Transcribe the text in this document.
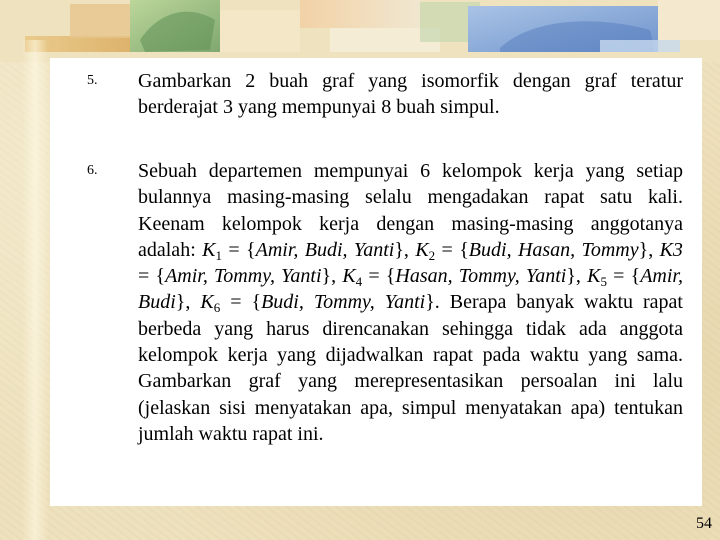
5. Gambarkan 2 buah graf yang isomorfik dengan graf teratur berderajat 3 yang mempunyai 8 buah simpul.
6. Sebuah departemen mempunyai 6 kelompok kerja yang setiap bulannya masing-masing selalu mengadakan rapat satu kali. Keenam kelompok kerja dengan masing-masing anggotanya adalah: $K_1$ = {Amir, Budi, Yanti}, $K_2$ = {Budi, Hasan, Tommy}, K3 = {Amir, Tommy, Yanti}, $K_4$ = {Hasan, Tommy, Yanti}, $K_5$ = {Amir, Budi}, $K_6$ = {Budi, Tommy, Yanti}. Berapa banyak waktu rapat berbeda yang harus direncanakan sehingga tidak ada anggota kelompok kerja yang dijadwalkan rapat pada waktu yang sama. Gambarkan graf yang merepresentasikan persoalan ini lalu (jelaskan sisi menyatakan apa, simpul menyatakan apa) tentukan jumlah waktu rapat ini.
54
